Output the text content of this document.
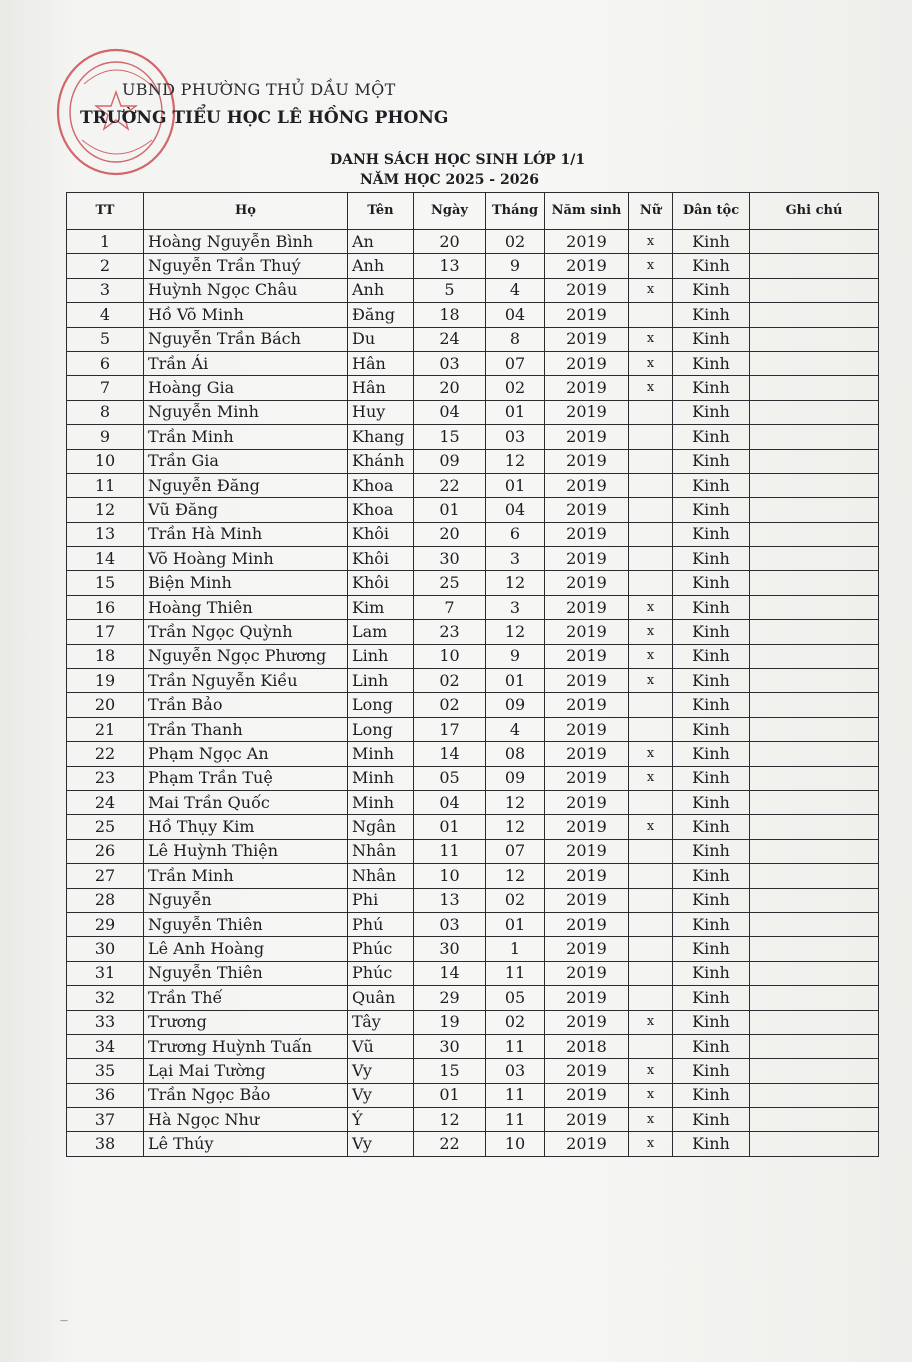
UBND PHƯỜNG THỦ DẦU MỘT
TRƯỜNG TIỂU HỌC LÊ HỒNG PHONG
DANH SÁCH HỌC SINH LỚP 1/1
NĂM HỌC 2025 - 2026
TT	Họ	Tên	Ngày	Tháng	Năm sinh	Nữ	Dân tộc	Ghi chú
1	Hoàng Nguyễn Bình	An	20	02	2019	x	Kinh	
2	Nguyễn Trần Thuý	Anh	13	9	2019	x	Kinh	
3	Huỳnh Ngọc Châu	Anh	5	4	2019	x	Kinh	
4	Hồ Võ Minh	Đăng	18	04	2019		Kinh	
5	Nguyễn Trần Bách	Du	24	8	2019	x	Kinh	
6	Trần Ái	Hân	03	07	2019	x	Kinh	
7	Hoàng Gia	Hân	20	02	2019	x	Kinh	
8	Nguyễn Minh	Huy	04	01	2019		Kinh	
9	Trần Minh	Khang	15	03	2019		Kinh	
10	Trần Gia	Khánh	09	12	2019		Kinh	
11	Nguyễn Đăng	Khoa	22	01	2019		Kinh	
12	Vũ Đăng	Khoa	01	04	2019		Kinh	
13	Trần Hà Minh	Khôi	20	6	2019		Kinh	
14	Võ Hoàng Minh	Khôi	30	3	2019		Kinh	
15	Biện Minh	Khôi	25	12	2019		Kinh	
16	Hoàng Thiên	Kim	7	3	2019	x	Kinh	
17	Trần Ngọc Quỳnh	Lam	23	12	2019	x	Kinh	
18	Nguyễn Ngọc Phương	Linh	10	9	2019	x	Kinh	
19	Trần Nguyễn Kiều	Linh	02	01	2019	x	Kinh	
20	Trần Bảo	Long	02	09	2019		Kinh	
21	Trần Thanh	Long	17	4	2019		Kinh	
22	Phạm Ngọc An	Minh	14	08	2019	x	Kinh	
23	Phạm Trần Tuệ	Minh	05	09	2019	x	Kinh	
24	Mai Trần Quốc	Minh	04	12	2019		Kinh	
25	Hồ Thụy Kim	Ngân	01	12	2019	x	Kinh	
26	Lê Huỳnh Thiện	Nhân	11	07	2019		Kinh	
27	Trần Minh	Nhân	10	12	2019		Kinh	
28	Nguyễn	Phi	13	02	2019		Kinh	
29	Nguyễn Thiên	Phú	03	01	2019		Kinh	
30	Lê Anh Hoàng	Phúc	30	1	2019		Kinh	
31	Nguyễn Thiên	Phúc	14	11	2019		Kinh	
32	Trần Thế	Quân	29	05	2019		Kinh	
33	Trương	Tây	19	02	2019	x	Kinh	
34	Trương Huỳnh Tuấn	Vũ	30	11	2018		Kinh	
35	Lại Mai Tường	Vy	15	03	2019	x	Kinh	
36	Trần Ngọc Bảo	Vy	01	11	2019	x	Kinh	
37	Hà Ngọc Như	Ý	12	11	2019	x	Kinh	
38	Lê Thúy	Vy	22	10	2019	x	Kinh	
—
